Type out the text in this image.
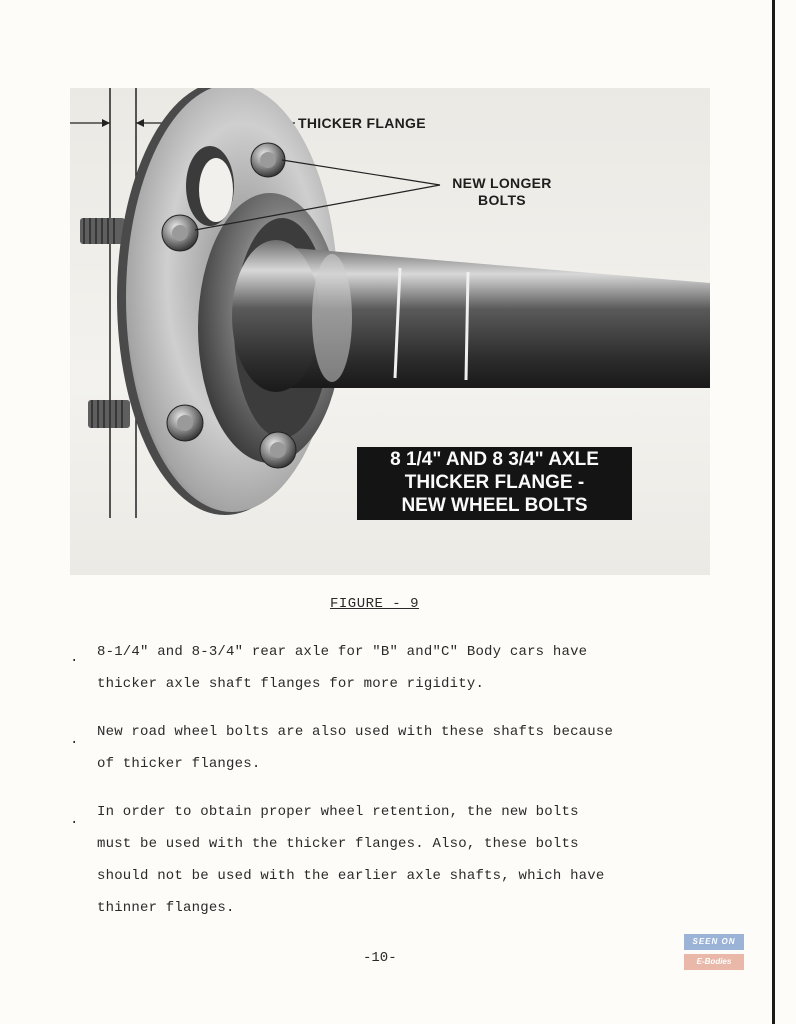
THICKER FLANGE
NEW LONGER
BOLTS
8 1/4" AND 8 3/4" AXLE
THICKER FLANGE -
NEW WHEEL BOLTS
FIGURE - 9
. 8-1/4" and 8-3/4" rear axle for "B" and"C" Body cars have
thicker axle shaft flanges for more rigidity.
. New road wheel bolts are also used with these shafts because
of thicker flanges.
. In order to obtain proper wheel retention, the new bolts
must be used with the thicker flanges. Also, these bolts
should not be used with the earlier axle shafts, which have
thinner flanges.
-10-
SEEN ON
E-Bodies
